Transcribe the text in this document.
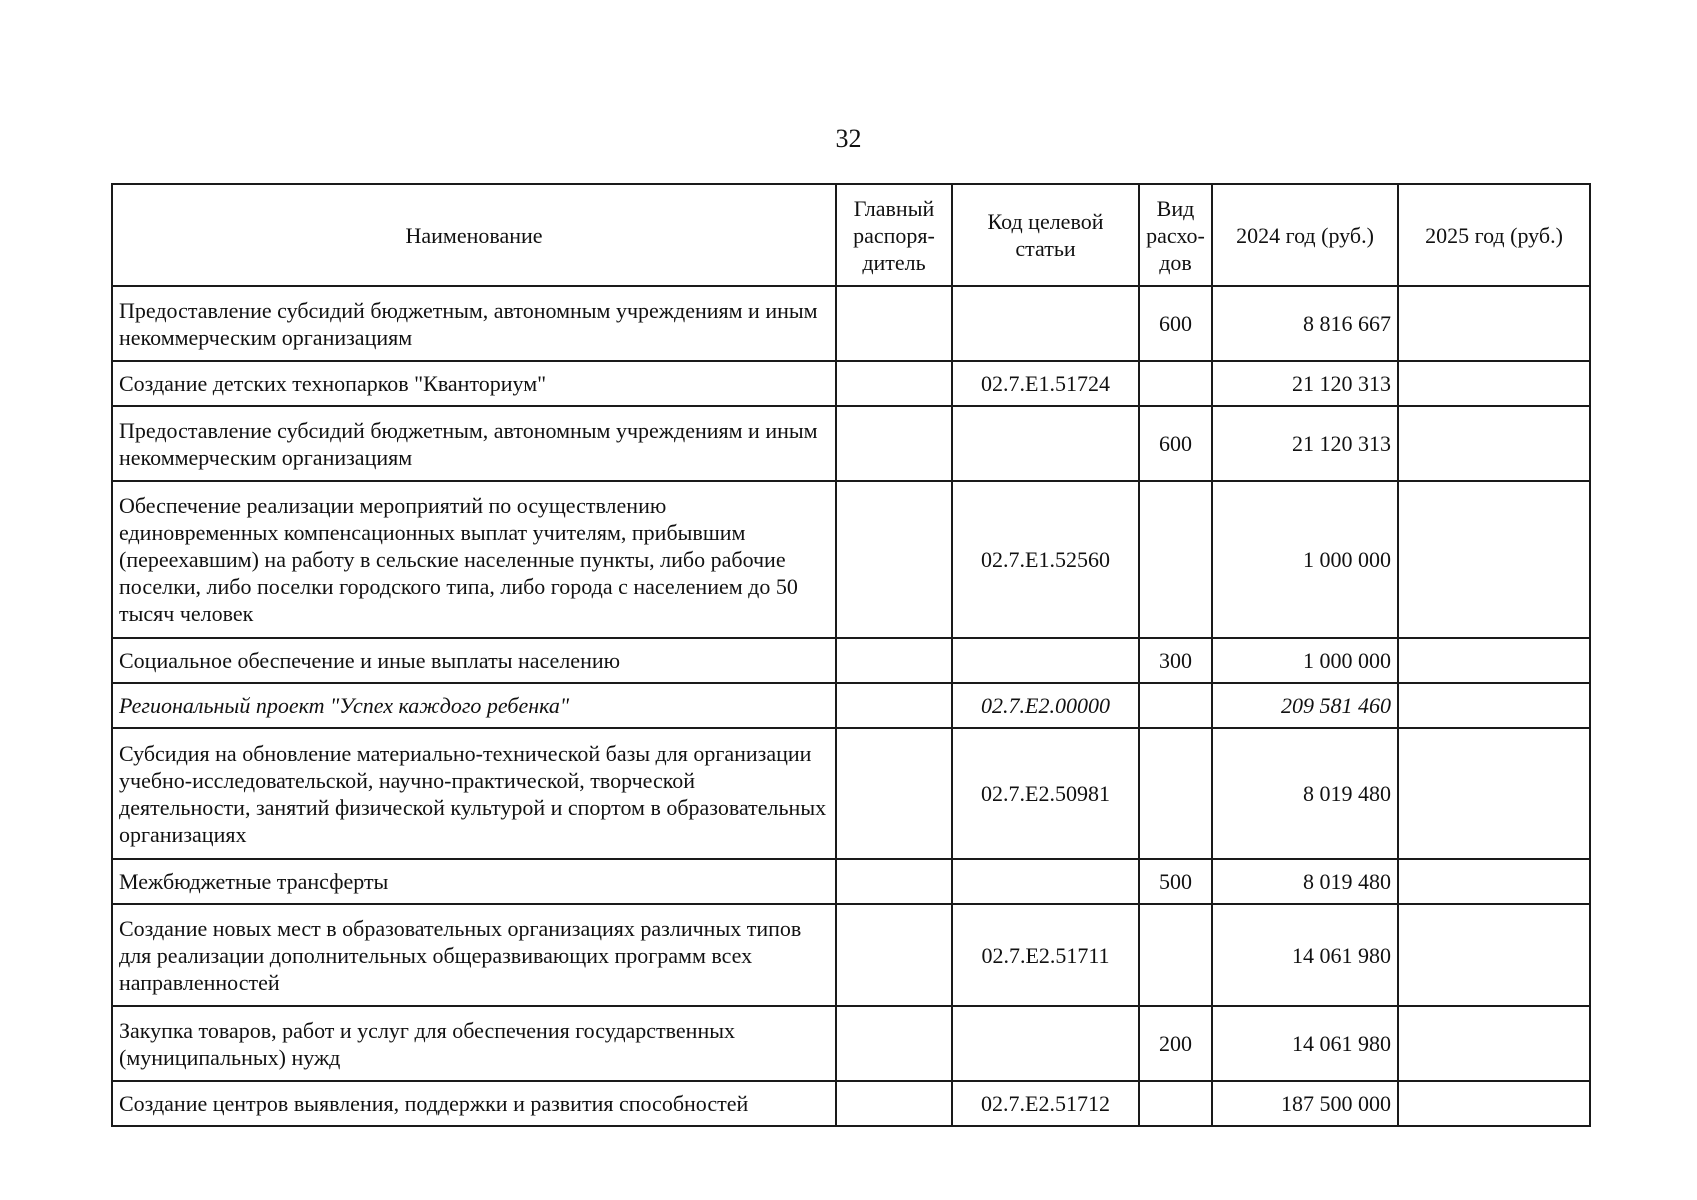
32
Наименование	Главный распоря-дитель	Код целевой статьи	Вид расхо-дов	2024 год (руб.)	2025 год (руб.)
Предоставление субсидий бюджетным, автономным учреждениям и иным некоммерческим организациям			600	8 816 667	
Создание детских технопарков "Кванториум"		02.7.E1.51724		21 120 313	
Предоставление субсидий бюджетным, автономным учреждениям и иным некоммерческим организациям			600	21 120 313	
Обеспечение реализации мероприятий по осуществлению единовременных компенсационных выплат учителям, прибывшим (переехавшим) на работу в сельские населенные пункты, либо рабочие поселки, либо поселки городского типа, либо города с населением до 50 тысяч человек		02.7.E1.52560		1 000 000	
Социальное обеспечение и иные выплаты населению			300	1 000 000	
Региональный проект "Успех каждого ребенка"		02.7.E2.00000		209 581 460	
Субсидия на обновление материально-технической базы для организации учебно-исследовательской, научно-практической, творческой деятельности, занятий физической культурой и спортом в образовательных организациях		02.7.E2.50981		8 019 480	
Межбюджетные трансферты			500	8 019 480	
Создание новых мест в образовательных организациях различных типов для реализации дополнительных общеразвивающих программ всех направленностей		02.7.E2.51711		14 061 980	
Закупка товаров, работ и услуг для обеспечения государственных (муниципальных) нужд			200	14 061 980	
Создание центров выявления, поддержки и развития способностей		02.7.E2.51712		187 500 000	
